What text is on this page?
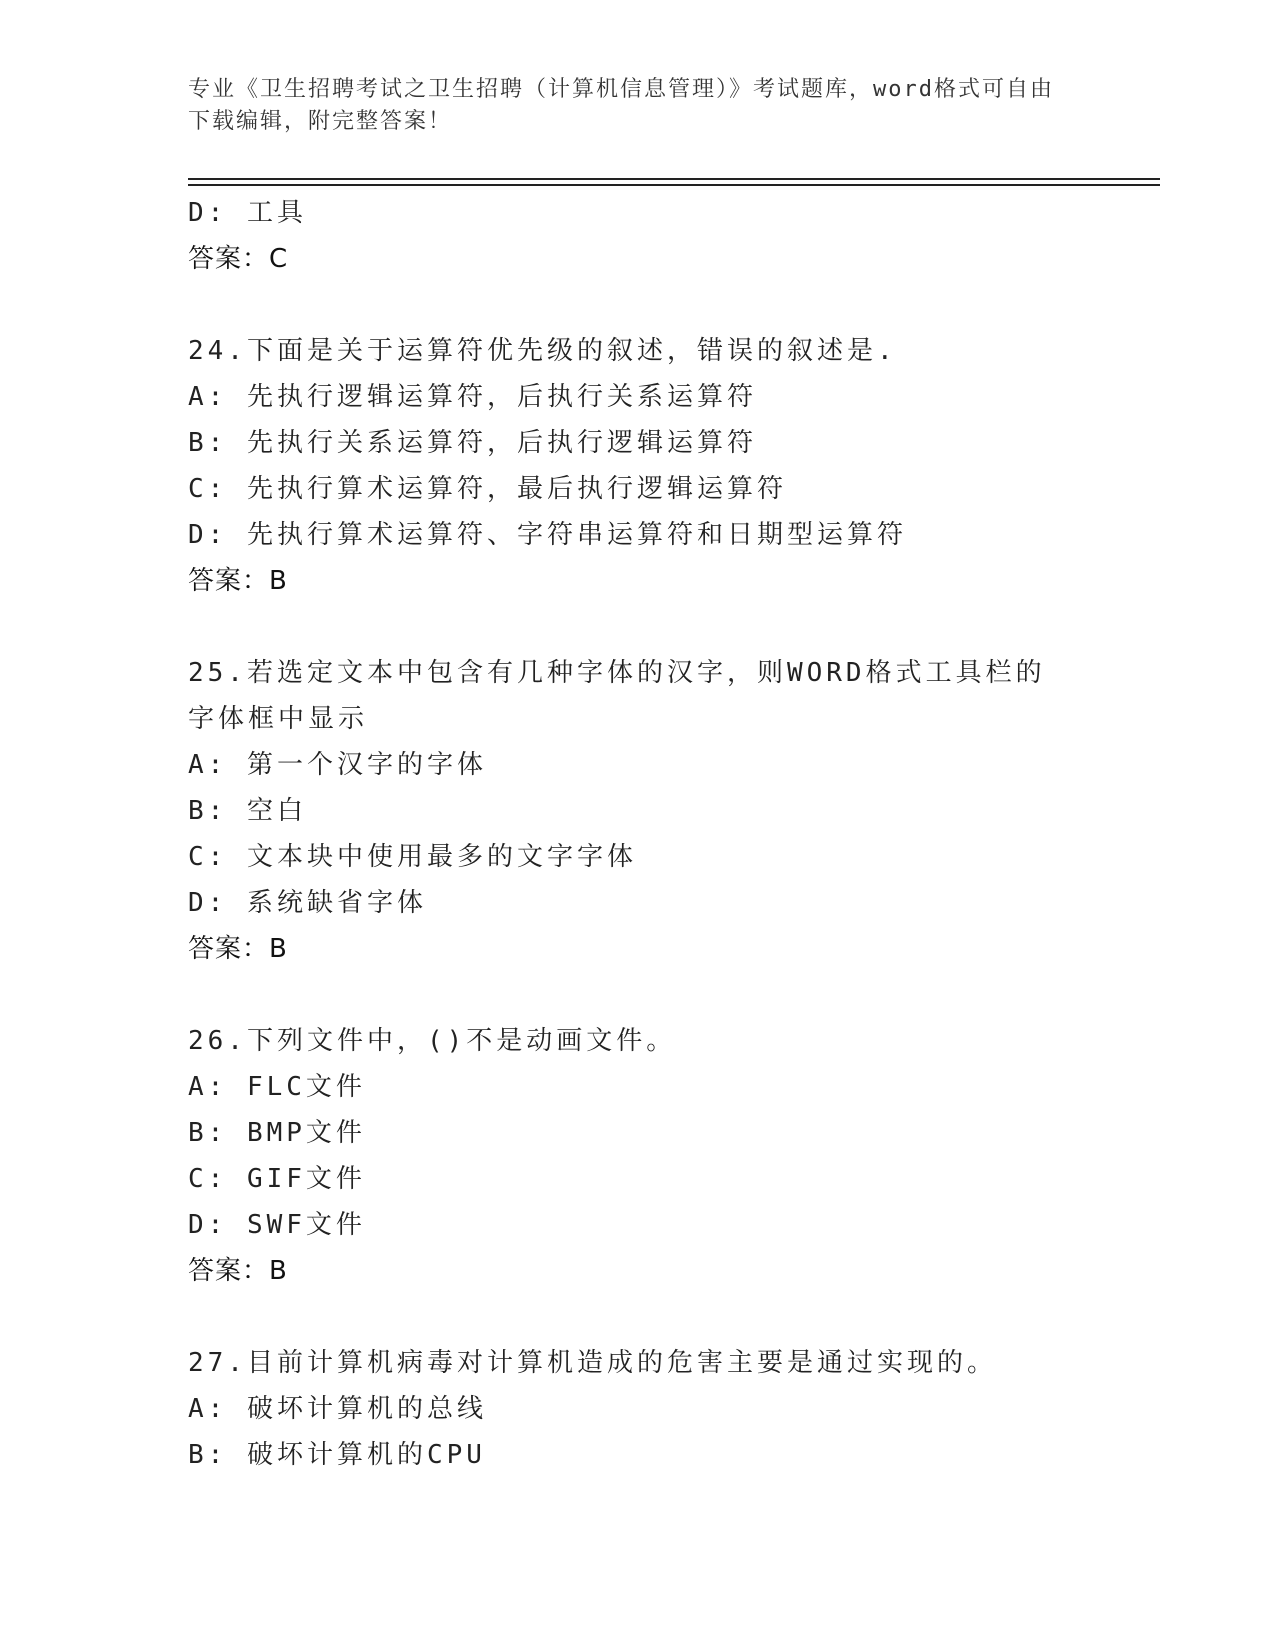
专业《卫生招聘考试之卫生招聘（计算机信息管理）》考试题库，word格式可自由下载编辑，附完整答案！
D: 工具
答案：C
24.下面是关于运算符优先级的叙述，错误的叙述是.
A: 先执行逻辑运算符，后执行关系运算符
B: 先执行关系运算符，后执行逻辑运算符
C: 先执行算术运算符，最后执行逻辑运算符
D: 先执行算术运算符、字符串运算符和日期型运算符
答案：B
25.若选定文本中包含有几种字体的汉字，则WORD格式工具栏的字体框中显示
A: 第一个汉字的字体
B: 空白
C: 文本块中使用最多的文字字体
D: 系统缺省字体
答案：B
26.下列文件中，()不是动画文件。
A: FLC文件
B: BMP文件
C: GIF文件
D: SWF文件
答案：B
27.目前计算机病毒对计算机造成的危害主要是通过实现的。
A: 破坏计算机的总线
B: 破坏计算机的CPU
